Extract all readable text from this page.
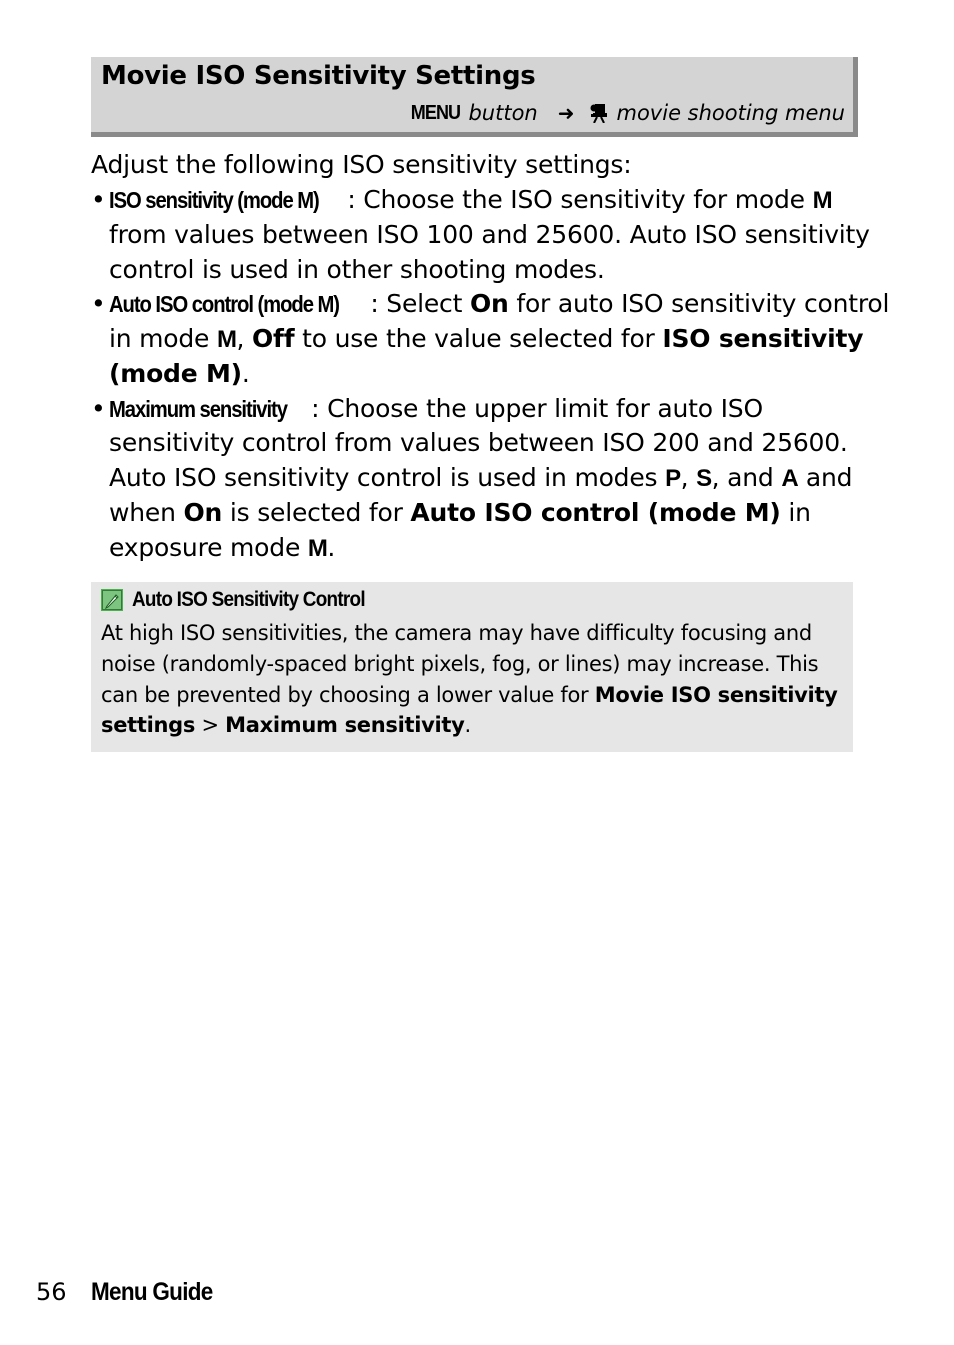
Movie ISO Sensitivity Settings
MENU button ➜ movie shooting menu

Adjust the following ISO sensitivity settings:

• ISO sensitivity (mode M) : Choose the ISO sensitivity for mode M
from values between ISO 100 and 25600. Auto ISO sensitivity
control is used in other shooting modes.
• Auto ISO control (mode M) : Select On for auto ISO sensitivity control
in mode M, Off to use the value selected for ISO sensitivity
(mode M).
• Maximum sensitivity : Choose the upper limit for auto ISO
sensitivity control from values between ISO 200 and 25600.
Auto ISO sensitivity control is used in modes P, S, and A and
when On is selected for Auto ISO control (mode M) in
exposure mode M.
Auto ISO Sensitivity Control
At high ISO sensitivities, the camera may have difficulty focusing and
noise (randomly-spaced bright pixels, fog, or lines) may increase. This
can be prevented by choosing a lower value for Movie ISO sensitivity
settings > Maximum sensitivity.
56 Menu Guide
